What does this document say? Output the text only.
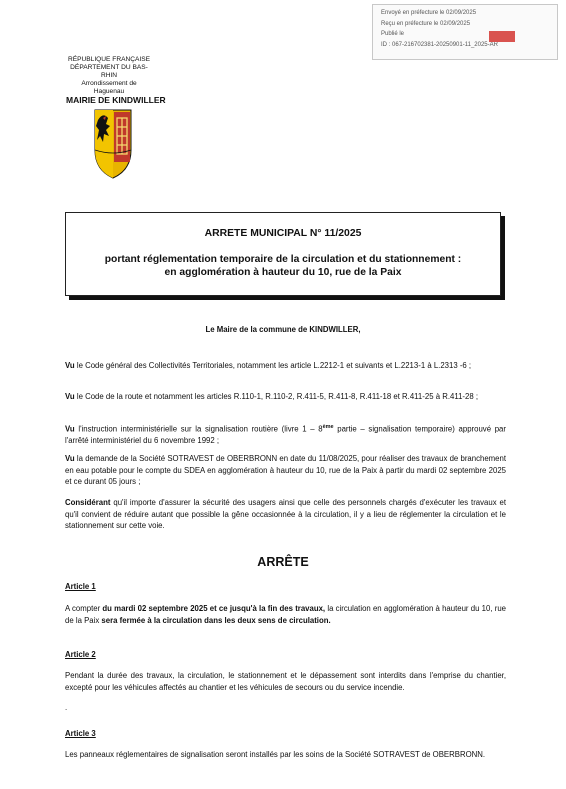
Envoyé en préfecture le 02/09/2025
Reçu en préfecture le 02/09/2025
Publié le
ID : 067-216702381-20250901-11_2025-AR
RÉPUBLIQUE FRANÇAISE
DÉPARTEMENT DU BAS-RHIN
Arrondissement de Haguenau
MAIRIE DE KINDWILLER
ARRETE MUNICIPAL N° 11/2025
portant réglementation temporaire de la circulation et du stationnement :
en agglomération à hauteur du 10, rue de la Paix
Le Maire de la commune de KINDWILLER,
Vu le Code général des Collectivités Territoriales, notamment les article L.2212-1 et suivants et L.2213-1 à L.2313 -6 ;
Vu le Code de la route et notamment les articles R.110-1, R.110-2, R.411-5, R.411-8, R.411-18 et R.411-25 à R.411-28 ;
Vu l'instruction interministérielle sur la signalisation routière (livre 1 – 8ème partie – signalisation temporaire) approuvé par l'arrêté interministériel du 6 novembre 1992 ;
Vu la demande de la Société SOTRAVEST de OBERBRONN en date du 11/08/2025, pour réaliser des travaux de branchement en eau potable pour le compte du SDEA en agglomération à hauteur du 10, rue de la Paix à partir du mardi 02 septembre 2025 et ce durant 05 jours ;
Considérant qu'il importe d'assurer la sécurité des usagers ainsi que celle des personnels chargés d'exécuter les travaux et qu'il convient de réduire autant que possible la gêne occasionnée à la circulation, il y a lieu de réglementer la circulation et le stationnement sur cette voie.
ARRÊTE
Article 1
A compter du mardi 02 septembre 2025 et ce jusqu'à la fin des travaux, la circulation en agglomération à hauteur du 10, rue de la Paix sera fermée à la circulation dans les deux sens de circulation.
Article 2
Pendant la durée des travaux, la circulation, le stationnement et le dépassement sont interdits dans l'emprise du chantier, excepté pour les véhicules affectés au chantier et les véhicules de secours ou du service incendie.
.
Article 3
Les panneaux réglementaires de signalisation seront installés par les soins de la Société SOTRAVEST de OBERBRONN.
